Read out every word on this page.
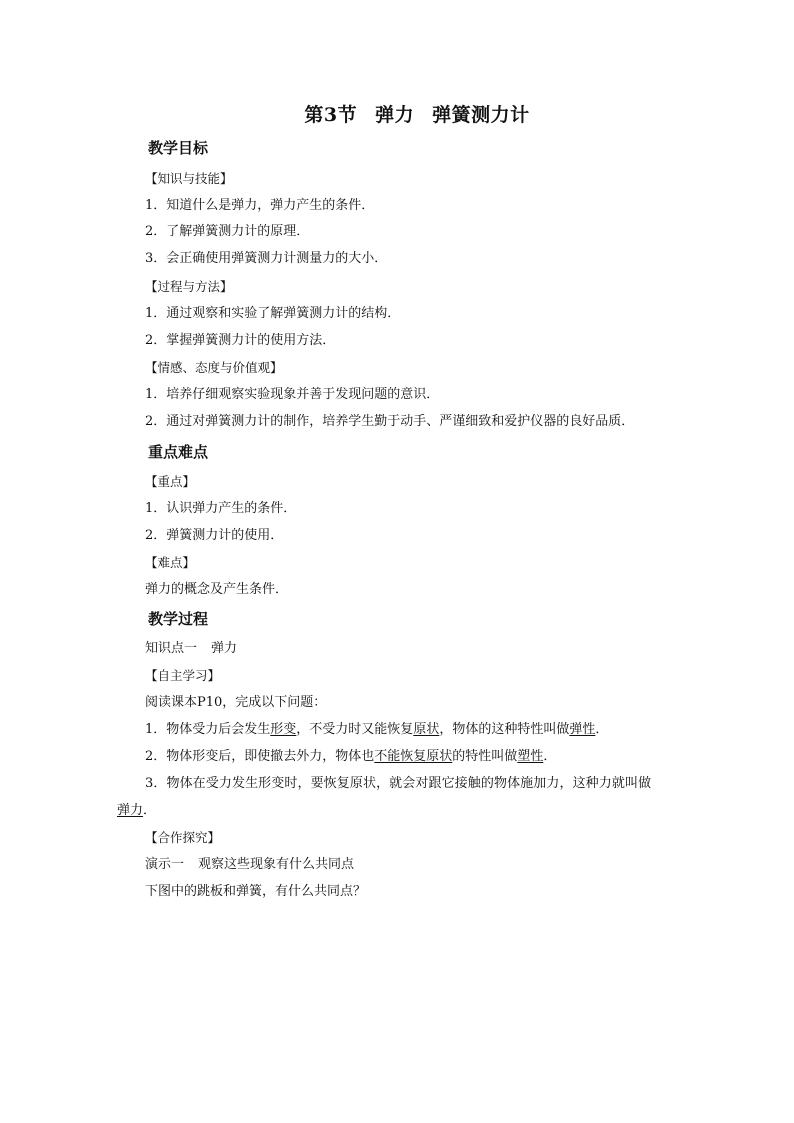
第3节 弹力 弹簧测力计
教学目标
【知识与技能】
1．知道什么是弹力，弹力产生的条件．
2．了解弹簧测力计的原理．
3．会正确使用弹簧测力计测量力的大小．
【过程与方法】
1．通过观察和实验了解弹簧测力计的结构．
2．掌握弹簧测力计的使用方法．
【情感、态度与价值观】
1．培养仔细观察实验现象并善于发现问题的意识．
2．通过对弹簧测力计的制作，培养学生勤于动手、严谨细致和爱护仪器的良好品质．
重点难点
【重点】
1．认识弹力产生的条件．
2．弹簧测力计的使用．
【难点】
弹力的概念及产生条件．
教学过程
知识点一 弹力
【自主学习】
阅读课本P10，完成以下问题：
1．物体受力后会发生形变，不受力时又能恢复原状，物体的这种特性叫做弹性．
2．物体形变后，即使撤去外力，物体也不能恢复原状的特性叫做塑性．
3．物体在受力发生形变时，要恢复原状，就会对跟它接触的物体施加力，这种力就叫做
弹力．
【合作探究】
演示一 观察这些现象有什么共同点
下图中的跳板和弹簧，有什么共同点？
